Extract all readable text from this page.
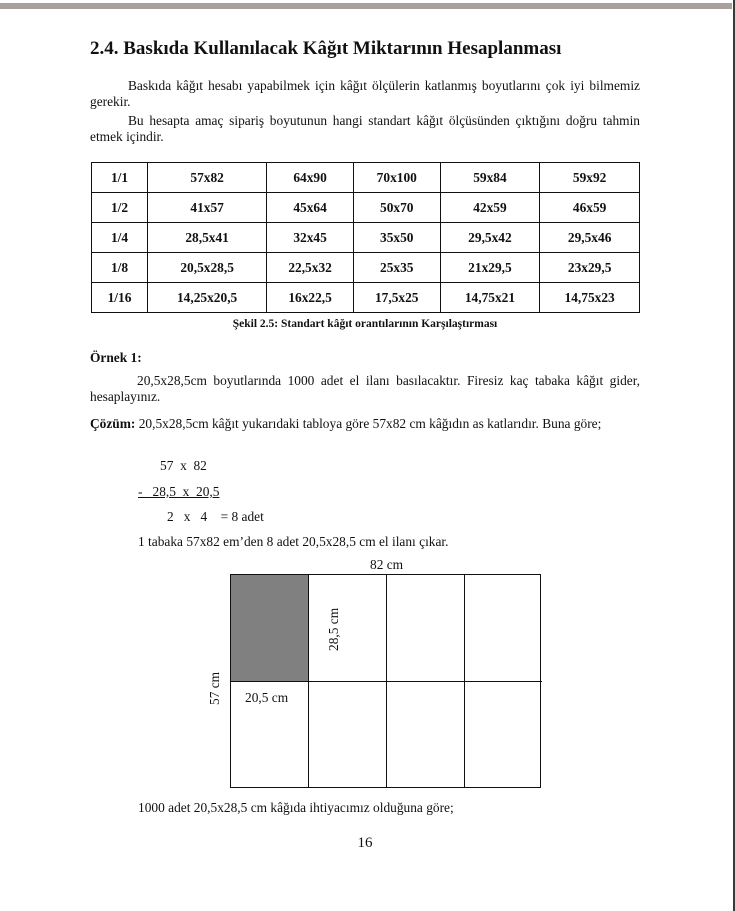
2.4. Baskıda Kullanılacak Kâğıt Miktarının Hesaplanması

Baskıda kâğıt hesabı yapabilmek için kâğıt ölçülerin katlanmış boyutlarını çok iyi bilmemiz gerekir.

Bu hesapta amaç sipariş boyutunun hangi standart kâğıt ölçüsünden çıktığını doğru tahmin etmek içindir.

1/1	57x82	64x90	70x100	59x84	59x92
1/2	41x57	45x64	50x70	42x59	46x59
1/4	28,5x41	32x45	35x50	29,5x42	29,5x46
1/8	20,5x28,5	22,5x32	25x35	21x29,5	23x29,5
1/16	14,25x20,5	16x22,5	17,5x25	14,75x21	14,75x23
Şekil 2.5: Standart kâğıt orantılarının Karşılaştırması
Örnek 1:

20,5x28,5cm boyutlarında 1000 adet el ilanı basılacaktır. Firesiz kaç tabaka kâğıt gider, hesaplayınız.

Çözüm: 20,5x28,5cm kâğıt yukarıdaki tabloya göre 57x82 cm kâğıdın as katlarıdır. Buna göre;

57  x  82
-   28,5  x  20,5
2   x   4    = 8 adet
1 tabaka 57x82 em’den 8 adet 20,5x28,5 cm el ilanı çıkar.
82 cm
57 cm
28,5 cm
20,5 cm
1000 adet 20,5x28,5 cm kâğıda ihtiyacımız olduğuna göre;
16
